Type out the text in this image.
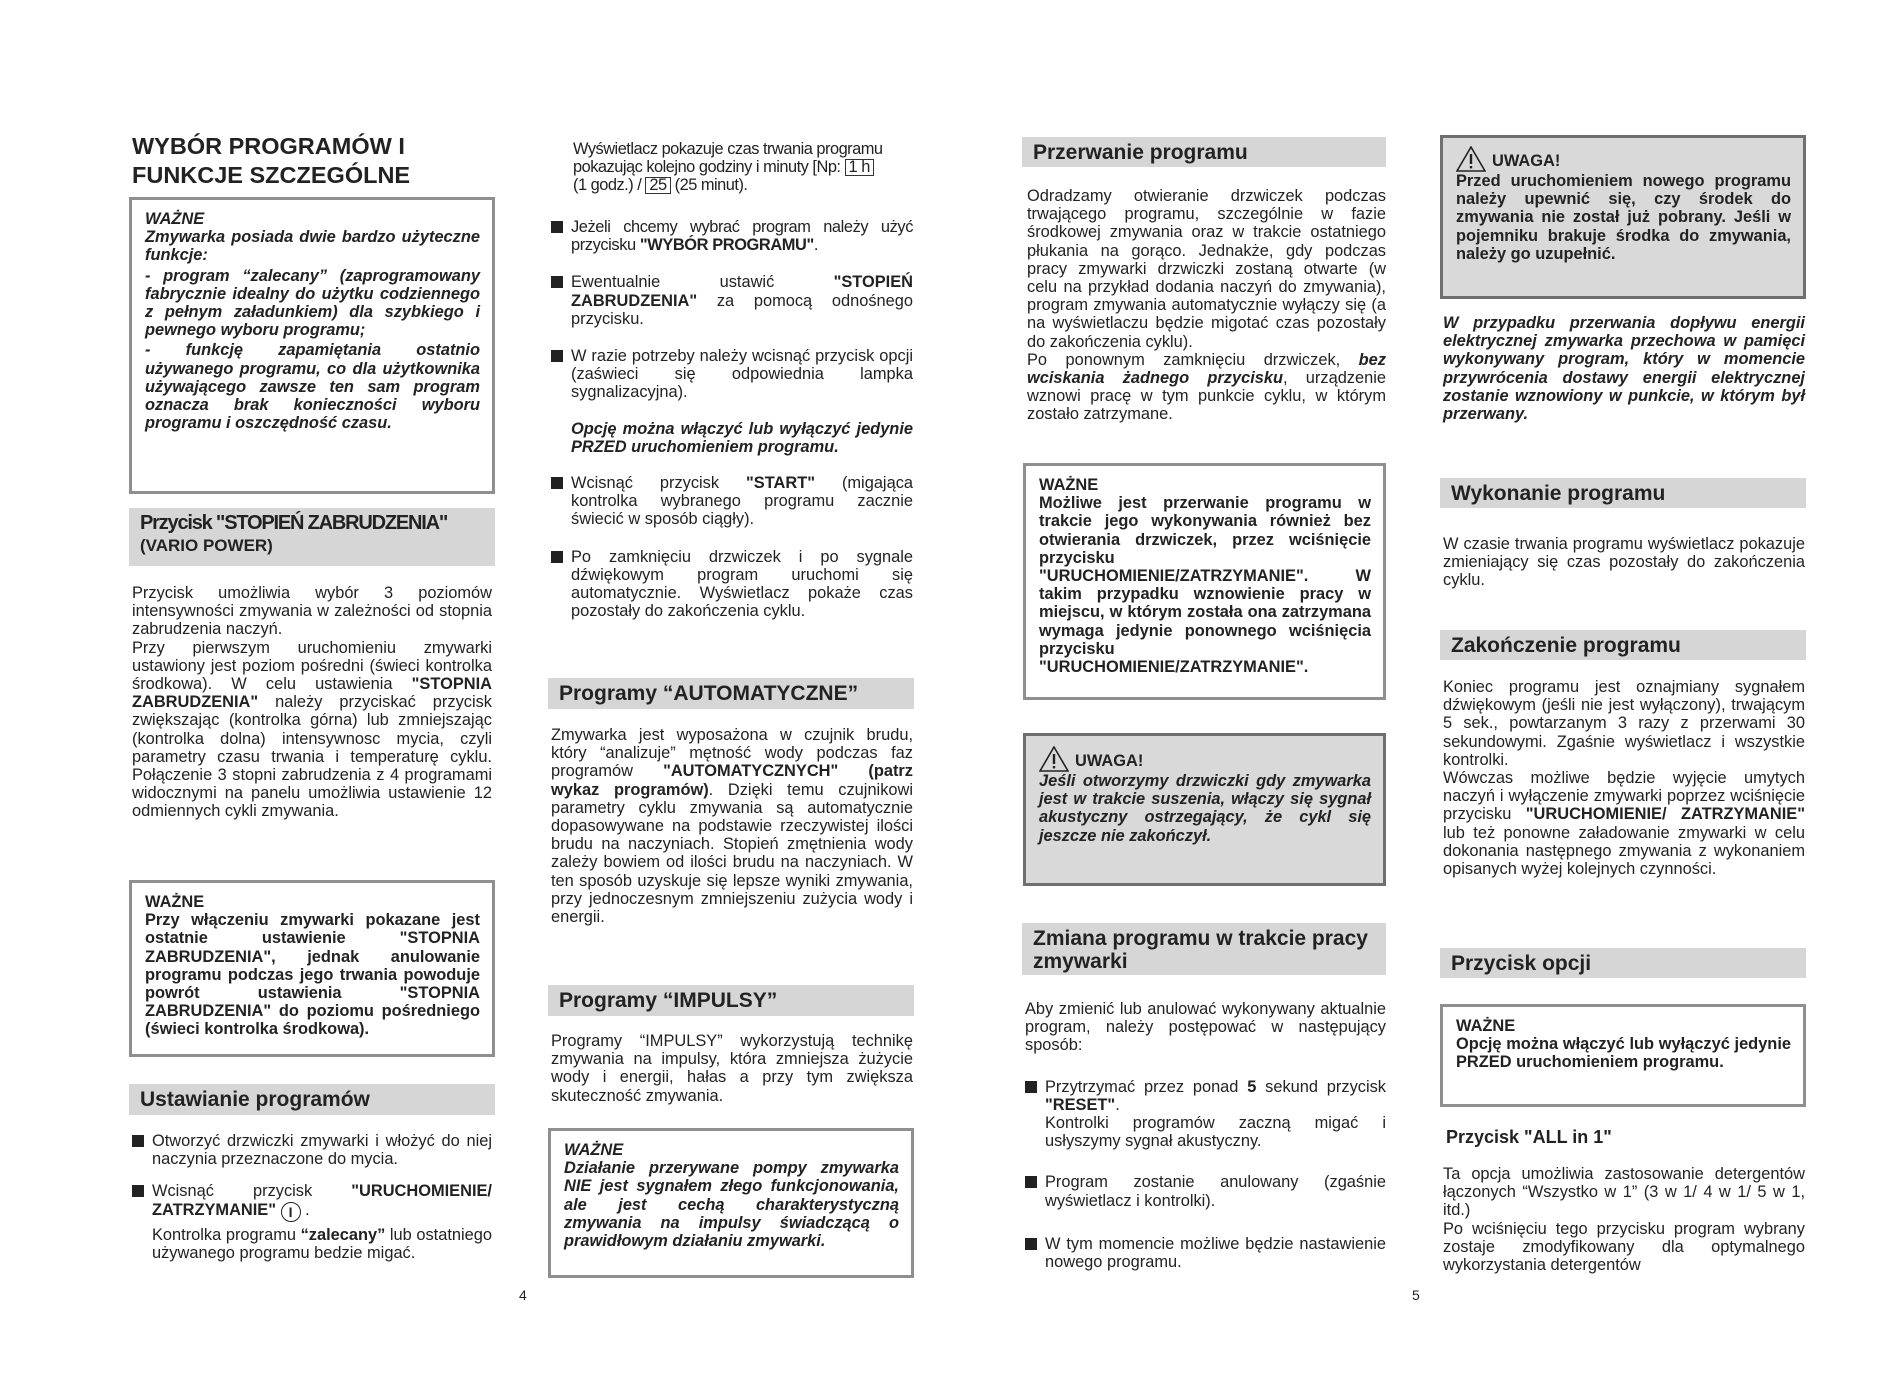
WYBÓR PROGRAMÓW I FUNKCJE SZCZEGÓLNE
WAŻNE
Zmywarka posiada dwie bardzo użyteczne funkcje:
- program “zalecany” (zaprogramowany fabrycznie idealny do użytku codziennego z pełnym załadunkiem) dla szybkiego i pewnego wyboru programu;
- funkcję zapamiętania ostatnio używanego programu, co dla użytkownika używającego zawsze ten sam program oznacza brak konieczności wyboru programu i oszczędność czasu.
Przycisk "STOPIEŃ ZABRUDZENIA"
(VARIO POWER)

Przycisk umożliwia wybór 3 poziomów intensywności zmywania w zależności od stopnia zabrudzenia naczyń.

Przy pierwszym uruchomieniu zmywarki ustawiony jest poziom pośredni (świeci kontrolka środkowa). W celu ustawienia "STOPNIA ZABRUDZENIA" należy przyciskać przycisk zwiększając (kontrolka górna) lub zmniejszając (kontrolka dolna) intensywnosc mycia, czyli parametry czasu trwania i temperaturę cyklu. Połączenie 3 stopni zabrudzenia z 4 programami widocznymi na panelu umożliwia ustawienie 12 odmiennych cykli zmywania.

WAŻNE
Przy włączeniu zmywarki pokazane jest ostatnie ustawienie "STOPNIA ZABRUDZENIA", jednak anulowanie programu podczas jego trwania powoduje powrót ustawienia "STOPNIA ZABRUDZENIA" do poziomu pośredniego (świeci kontrolka środkowa).
Ustawianie programów
Otworzyć drzwiczki zmywarki i włożyć do niej naczynia przeznaczone do mycia.
Wcisnąć przycisk "URUCHOMIENIE/ ZATRZYMANIE" I .
Kontrolka programu “zalecany” lub ostatniego używanego programu bedzie migać.
4

Wyświetlacz pokazuje czas trwania programu pokazując kolejno godziny i minuty [Np: 1 h
(1 godz.) / 25 (25 minut).

Jeżeli chcemy wybrać program należy użyć przycisku "WYBÓR PROGRAMU".
Ewentualnie ustawić "STOPIEŃ ZABRUDZENIA" za pomocą odnośnego przycisku.
W razie potrzeby należy wcisnąć przycisk opcji (zaświeci się odpowiednia lampka sygnalizacyjna).
Opcję można włączyć lub wyłączyć jedynie PRZED uruchomieniem programu.
Wcisnąć przycisk "START" (migająca kontrolka wybranego programu zacznie świecić w sposób ciągły).
Po zamknięciu drzwiczek i po sygnale dźwiękowym program uruchomi się automatycznie. Wyświetlacz pokaże czas pozostały do zakończenia cyklu.
Programy “AUTOMATYCZNE”

Zmywarka jest wyposażona w czujnik brudu, który “analizuje” mętność wody podczas faz programów "AUTOMATYCZNYCH" (patrz wykaz programów). Dzięki temu czujnikowi parametry cyklu zmywania są automatycznie dopasowywane na podstawie rzeczywistej ilości brudu na naczyniach. Stopień zmętnienia wody zależy bowiem od ilości brudu na naczyniach. W ten sposób uzyskuje się lepsze wyniki zmywania, przy jednoczesnym zmniejszeniu zużycia wody i energii.

Programy “IMPULSY”

Programy “IMPULSY” wykorzystują technikę zmywania na impulsy, która zmniejsza żużycie wody i energii, hałas a przy tym zwiększa skuteczność zmywania.

WAŻNE
Działanie przerywane pompy zmywarka NIE jest sygnałem złego funkcjonowania, ale jest cechą charakterystyczną zmywania na impulsy świadczącą o prawidłowym działaniu zmywarki.
Przerwanie programu

Odradzamy otwieranie drzwiczek podczas trwającego programu, szczególnie w fazie środkowej zmywania oraz w trakcie ostatniego płukania na gorąco. Jednakże, gdy podczas pracy zmywarki drzwiczki zostaną otwarte (w celu na przykład dodania naczyń do zmywania), program zmywania automatycznie wyłączy się (a na wyświetlaczu będzie migotać czas pozostały do zakończenia cyklu).

Po ponownym zamknięciu drzwiczek, bez wciskania żadnego przycisku, urządzenie wznowi pracę w tym punkcie cyklu, w którym zostało zatrzymane.

WAŻNE
Możliwe jest przerwanie programu w trakcie jego wykonywania również bez otwierania drzwiczek, przez wciśnięcie przycisku "URUCHOMIENIE/ZATRZYMANIE". W takim przypadku wznowienie pracy w miejscu, w którym została ona zatrzymana wymaga jedynie ponownego wciśnięcia przycisku "URUCHOMIENIE/ZATRZYMANIE".
UWAGA!
Jeśli otworzymy drzwiczki gdy zmywarka jest w trakcie suszenia, włączy się sygnał akustyczny ostrzegający, że cykl się jeszcze nie zakończył.
Zmiana programu w trakcie pracy zmywarki

Aby zmienić lub anulować wykonywany aktualnie program, należy postępować w następujący sposób:

Przytrzymać przez ponad 5 sekund przycisk "RESET".
Kontrolki programów zaczną migać i usłyszymy sygnał akustyczny.
Program zostanie anulowany (zgaśnie wyświetlacz i kontrolki).
W tym momencie możliwe będzie nastawienie nowego programu.
5
UWAGA!
Przed uruchomieniem nowego programu należy upewnić się, czy środek do zmywania nie został już pobrany. Jeśli w pojemniku brakuje środka do zmywania, należy go uzupełnić.

W przypadku przerwania dopływu energii elektrycznej zmywarka przechowa w pamięci wykonywany program, który w momencie przywrócenia dostawy energii elektrycznej zostanie wznowiony w punkcie, w którym był przerwany.

Wykonanie programu

W czasie trwania programu wyświetlacz pokazuje zmieniający się czas pozostały do zakończenia cyklu.

Zakończenie programu

Koniec programu jest oznajmiany sygnałem dźwiękowym (jeśli nie jest wyłączony), trwającym 5 sek., powtarzanym 3 razy z przerwami 30 sekundowymi. Zgaśnie wyświetlacz i wszystkie kontrolki.

Wówczas możliwe będzie wyjęcie umytych naczyń i wyłączenie zmywarki poprzez wciśnięcie przycisku "URUCHOMIENIE/ ZATRZYMANIE" lub też ponowne załadowanie zmywarki w celu dokonania następnego zmywania z wykonaniem opisanych wyżej kolejnych czynności.

Przycisk opcji
WAŻNE
Opcję można włączyć lub wyłączyć jedynie PRZED uruchomieniem programu.
Przycisk "ALL in 1"

Ta opcja umożliwia zastosowanie detergentów łączonych “Wszystko w 1” (3 w 1/ 4 w 1/ 5 w 1, itd.)

Po wciśnięciu tego przycisku program wybrany zostaje zmodyfikowany dla optymalnego wykorzystania detergentów
